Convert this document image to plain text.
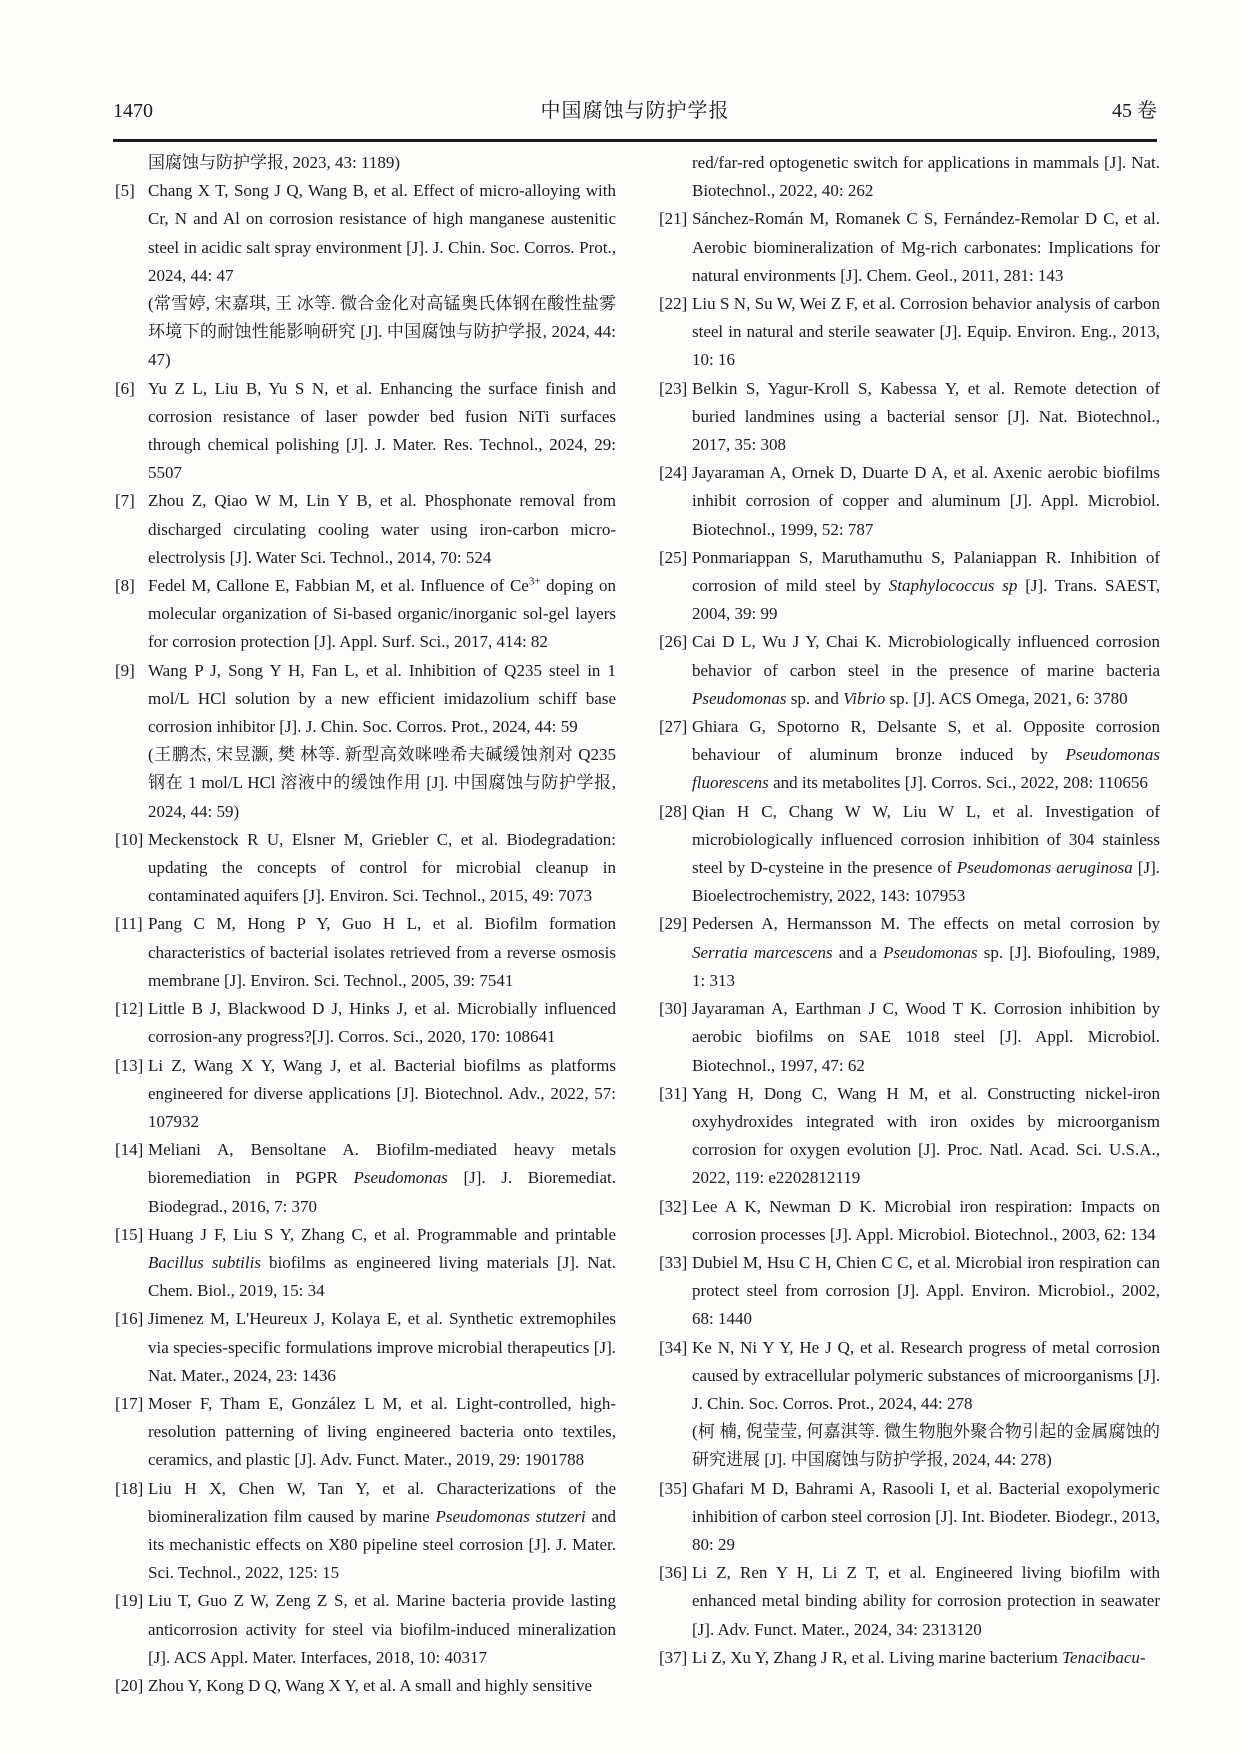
1470	中国腐蚀与防护学报	45 卷
国腐蚀与防护学报, 2023, 43: 1189)
[5] Chang X T, Song J Q, Wang B, et al. Effect of micro-alloying with Cr, N and Al on corrosion resistance of high manganese austenitic steel in acidic salt spray environment [J]. J. Chin. Soc. Corros. Prot., 2024, 44: 47
(常雪婷, 宋嘉琪, 王 冰等. 微合金化对高锰奥氏体钢在酸性盐雾环境下的耐蚀性能影响研究 [J]. 中国腐蚀与防护学报, 2024, 44: 47)
[6] Yu Z L, Liu B, Yu S N, et al. Enhancing the surface finish and corrosion resistance of laser powder bed fusion NiTi surfaces through chemical polishing [J]. J. Mater. Res. Technol., 2024, 29: 5507
[7] Zhou Z, Qiao W M, Lin Y B, et al. Phosphonate removal from discharged circulating cooling water using iron-carbon micro-electrolysis [J]. Water Sci. Technol., 2014, 70: 524
[8] Fedel M, Callone E, Fabbian M, et al. Influence of $Ce^{3+}$ doping on molecular organization of Si-based organic/inorganic sol-gel layers for corrosion protection [J]. Appl. Surf. Sci., 2017, 414: 82
[9] Wang P J, Song Y H, Fan L, et al. Inhibition of Q235 steel in 1 mol/L HCl solution by a new efficient imidazolium schiff base corrosion inhibitor [J]. J. Chin. Soc. Corros. Prot., 2024, 44: 59
(王鹏杰, 宋昱灏, 樊 林等. 新型高效咪唑希夫碱缓蚀剂对 Q235 钢在 1 mol/L HCl 溶液中的缓蚀作用 [J]. 中国腐蚀与防护学报, 2024, 44: 59)
[10] Meckenstock R U, Elsner M, Griebler C, et al. Biodegradation: updating the concepts of control for microbial cleanup in contaminated aquifers [J]. Environ. Sci. Technol., 2015, 49: 7073
[11] Pang C M, Hong P Y, Guo H L, et al. Biofilm formation characteristics of bacterial isolates retrieved from a reverse osmosis membrane [J]. Environ. Sci. Technol., 2005, 39: 7541
[12] Little B J, Blackwood D J, Hinks J, et al. Microbially influenced corrosion-any progress?[J]. Corros. Sci., 2020, 170: 108641
[13] Li Z, Wang X Y, Wang J, et al. Bacterial biofilms as platforms engineered for diverse applications [J]. Biotechnol. Adv., 2022, 57: 107932
[14] Meliani A, Bensoltane A. Biofilm-mediated heavy metals bioremediation in PGPR Pseudomonas [J]. J. Bioremediat. Biodegrad., 2016, 7: 370
[15] Huang J F, Liu S Y, Zhang C, et al. Programmable and printable Bacillus subtilis biofilms as engineered living materials [J]. Nat. Chem. Biol., 2019, 15: 34
[16] Jimenez M, L'Heureux J, Kolaya E, et al. Synthetic extremophiles via species-specific formulations improve microbial therapeutics [J]. Nat. Mater., 2024, 23: 1436
[17] Moser F, Tham E, González L M, et al. Light-controlled, high-resolution patterning of living engineered bacteria onto textiles, ceramics, and plastic [J]. Adv. Funct. Mater., 2019, 29: 1901788
[18] Liu H X, Chen W, Tan Y, et al. Characterizations of the biomineralization film caused by marine Pseudomonas stutzeri and its mechanistic effects on X80 pipeline steel corrosion [J]. J. Mater. Sci. Technol., 2022, 125: 15
[19] Liu T, Guo Z W, Zeng Z S, et al. Marine bacteria provide lasting anticorrosion activity for steel via biofilm-induced mineralization [J]. ACS Appl. Mater. Interfaces, 2018, 10: 40317
[20] Zhou Y, Kong D Q, Wang X Y, et al. A small and highly sensitive
red/far-red optogenetic switch for applications in mammals [J]. Nat. Biotechnol., 2022, 40: 262
[21] Sánchez-Román M, Romanek C S, Fernández-Remolar D C, et al. Aerobic biomineralization of Mg-rich carbonates: Implications for natural environments [J]. Chem. Geol., 2011, 281: 143
[22] Liu S N, Su W, Wei Z F, et al. Corrosion behavior analysis of carbon steel in natural and sterile seawater [J]. Equip. Environ. Eng., 2013, 10: 16
[23] Belkin S, Yagur-Kroll S, Kabessa Y, et al. Remote detection of buried landmines using a bacterial sensor [J]. Nat. Biotechnol., 2017, 35: 308
[24] Jayaraman A, Ornek D, Duarte D A, et al. Axenic aerobic biofilms inhibit corrosion of copper and aluminum [J]. Appl. Microbiol. Biotechnol., 1999, 52: 787
[25] Ponmariappan S, Maruthamuthu S, Palaniappan R. Inhibition of corrosion of mild steel by Staphylococcus sp [J]. Trans. SAEST, 2004, 39: 99
[26] Cai D L, Wu J Y, Chai K. Microbiologically influenced corrosion behavior of carbon steel in the presence of marine bacteria Pseudomonas sp. and Vibrio sp. [J]. ACS Omega, 2021, 6: 3780
[27] Ghiara G, Spotorno R, Delsante S, et al. Opposite corrosion behaviour of aluminum bronze induced by Pseudomonas fluorescens and its metabolites [J]. Corros. Sci., 2022, 208: 110656
[28] Qian H C, Chang W W, Liu W L, et al. Investigation of microbiologically influenced corrosion inhibition of 304 stainless steel by D-cysteine in the presence of Pseudomonas aeruginosa [J]. Bioelectrochemistry, 2022, 143: 107953
[29] Pedersen A, Hermansson M. The effects on metal corrosion by Serratia marcescens and a Pseudomonas sp. [J]. Biofouling, 1989, 1: 313
[30] Jayaraman A, Earthman J C, Wood T K. Corrosion inhibition by aerobic biofilms on SAE 1018 steel [J]. Appl. Microbiol. Biotechnol., 1997, 47: 62
[31] Yang H, Dong C, Wang H M, et al. Constructing nickel-iron oxyhydroxides integrated with iron oxides by microorganism corrosion for oxygen evolution [J]. Proc. Natl. Acad. Sci. U.S.A., 2022, 119: e2202812119
[32] Lee A K, Newman D K. Microbial iron respiration: Impacts on corrosion processes [J]. Appl. Microbiol. Biotechnol., 2003, 62: 134
[33] Dubiel M, Hsu C H, Chien C C, et al. Microbial iron respiration can protect steel from corrosion [J]. Appl. Environ. Microbiol., 2002, 68: 1440
[34] Ke N, Ni Y Y, He J Q, et al. Research progress of metal corrosion caused by extracellular polymeric substances of microorganisms [J]. J. Chin. Soc. Corros. Prot., 2024, 44: 278
(柯 楠, 倪莹莹, 何嘉淇等. 微生物胞外聚合物引起的金属腐蚀的研究进展 [J]. 中国腐蚀与防护学报, 2024, 44: 278)
[35] Ghafari M D, Bahrami A, Rasooli I, et al. Bacterial exopolymeric inhibition of carbon steel corrosion [J]. Int. Biodeter. Biodegr., 2013, 80: 29
[36] Li Z, Ren Y H, Li Z T, et al. Engineered living biofilm with enhanced metal binding ability for corrosion protection in seawater [J]. Adv. Funct. Mater., 2024, 34: 2313120
[37] Li Z, Xu Y, Zhang J R, et al. Living marine bacterium Tenacibacu-
